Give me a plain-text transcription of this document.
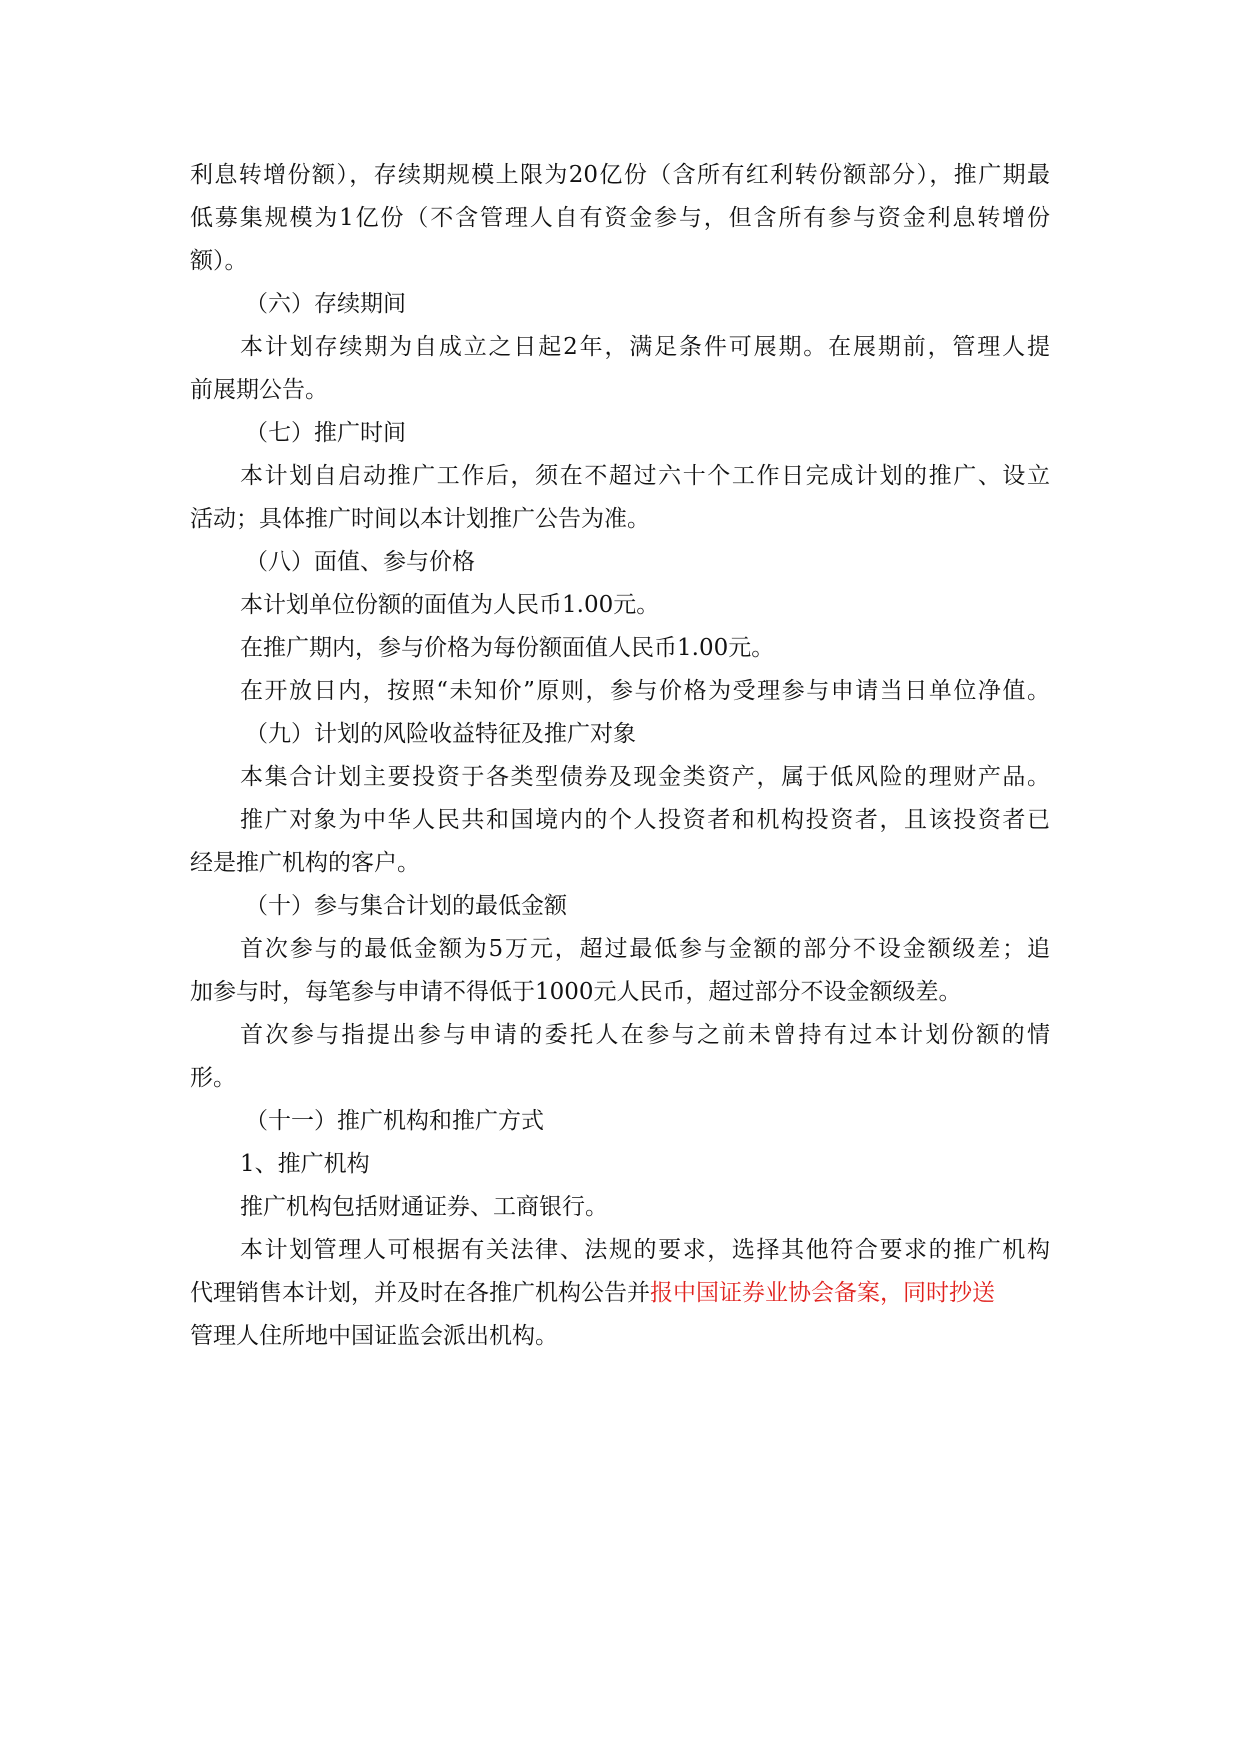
利息转增份额），存续期规模上限为20亿份（含所有红利转份额部分），推广期最
低募集规模为1亿份（不含管理人自有资金参与，但含所有参与资金利息转增份
额）。
（六）存续期间
本计划存续期为自成立之日起2年，满足条件可展期。在展期前，管理人提
前展期公告。
（七）推广时间
本计划自启动推广工作后，须在不超过六十个工作日完成计划的推广、设立
活动；具体推广时间以本计划推广公告为准。
（八）面值、参与价格
本计划单位份额的面值为人民币1.00元。
在推广期内，参与价格为每份额面值人民币1.00元。
在开放日内，按照“未知价”原则，参与价格为受理参与申请当日单位净值。
（九）计划的风险收益特征及推广对象
本集合计划主要投资于各类型债券及现金类资产，属于低风险的理财产品。
推广对象为中华人民共和国境内的个人投资者和机构投资者，且该投资者已
经是推广机构的客户。
（十）参与集合计划的最低金额
首次参与的最低金额为5万元，超过最低参与金额的部分不设金额级差；追
加参与时，每笔参与申请不得低于1000元人民币，超过部分不设金额级差。
首次参与指提出参与申请的委托人在参与之前未曾持有过本计划份额的情
形。
（十一）推广机构和推广方式
1、推广机构
推广机构包括财通证券、工商银行。
本计划管理人可根据有关法律、法规的要求，选择其他符合要求的推广机构
代理销售本计划，并及时在各推广机构公告并报中国证券业协会备案，同时抄送
管理人住所地中国证监会派出机构。
